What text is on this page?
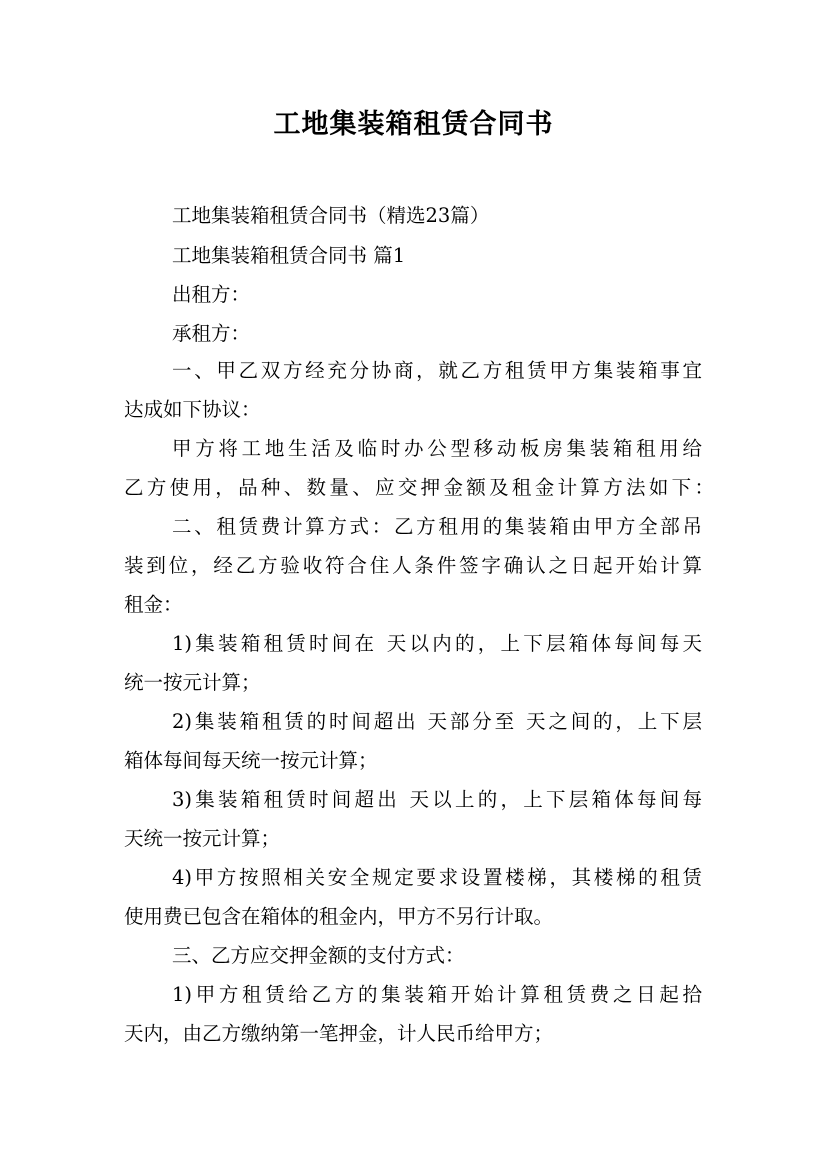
工地集装箱租赁合同书
工地集装箱租赁合同书（精选23篇）
工地集装箱租赁合同书 篇1
出租方：
承租方：
一、甲乙双方经充分协商，就乙方租赁甲方集装箱事宜
达成如下协议：
甲方将工地生活及临时办公型移动板房集装箱租用给
乙方使用，品种、数量、应交押金额及租金计算方法如下：
二、租赁费计算方式：乙方租用的集装箱由甲方全部吊
装到位，经乙方验收符合住人条件签字确认之日起开始计算
租金：
1)集装箱租赁时间在 天以内的，上下层箱体每间每天
统一按元计算；
2)集装箱租赁的时间超出 天部分至 天之间的，上下层
箱体每间每天统一按元计算；
3)集装箱租赁时间超出 天以上的，上下层箱体每间每
天统一按元计算；
4)甲方按照相关安全规定要求设置楼梯，其楼梯的租赁
使用费已包含在箱体的租金内，甲方不另行计取。
三、乙方应交押金额的支付方式：
1)甲方租赁给乙方的集装箱开始计算租赁费之日起拾
天内，由乙方缴纳第一笔押金，计人民币给甲方；
